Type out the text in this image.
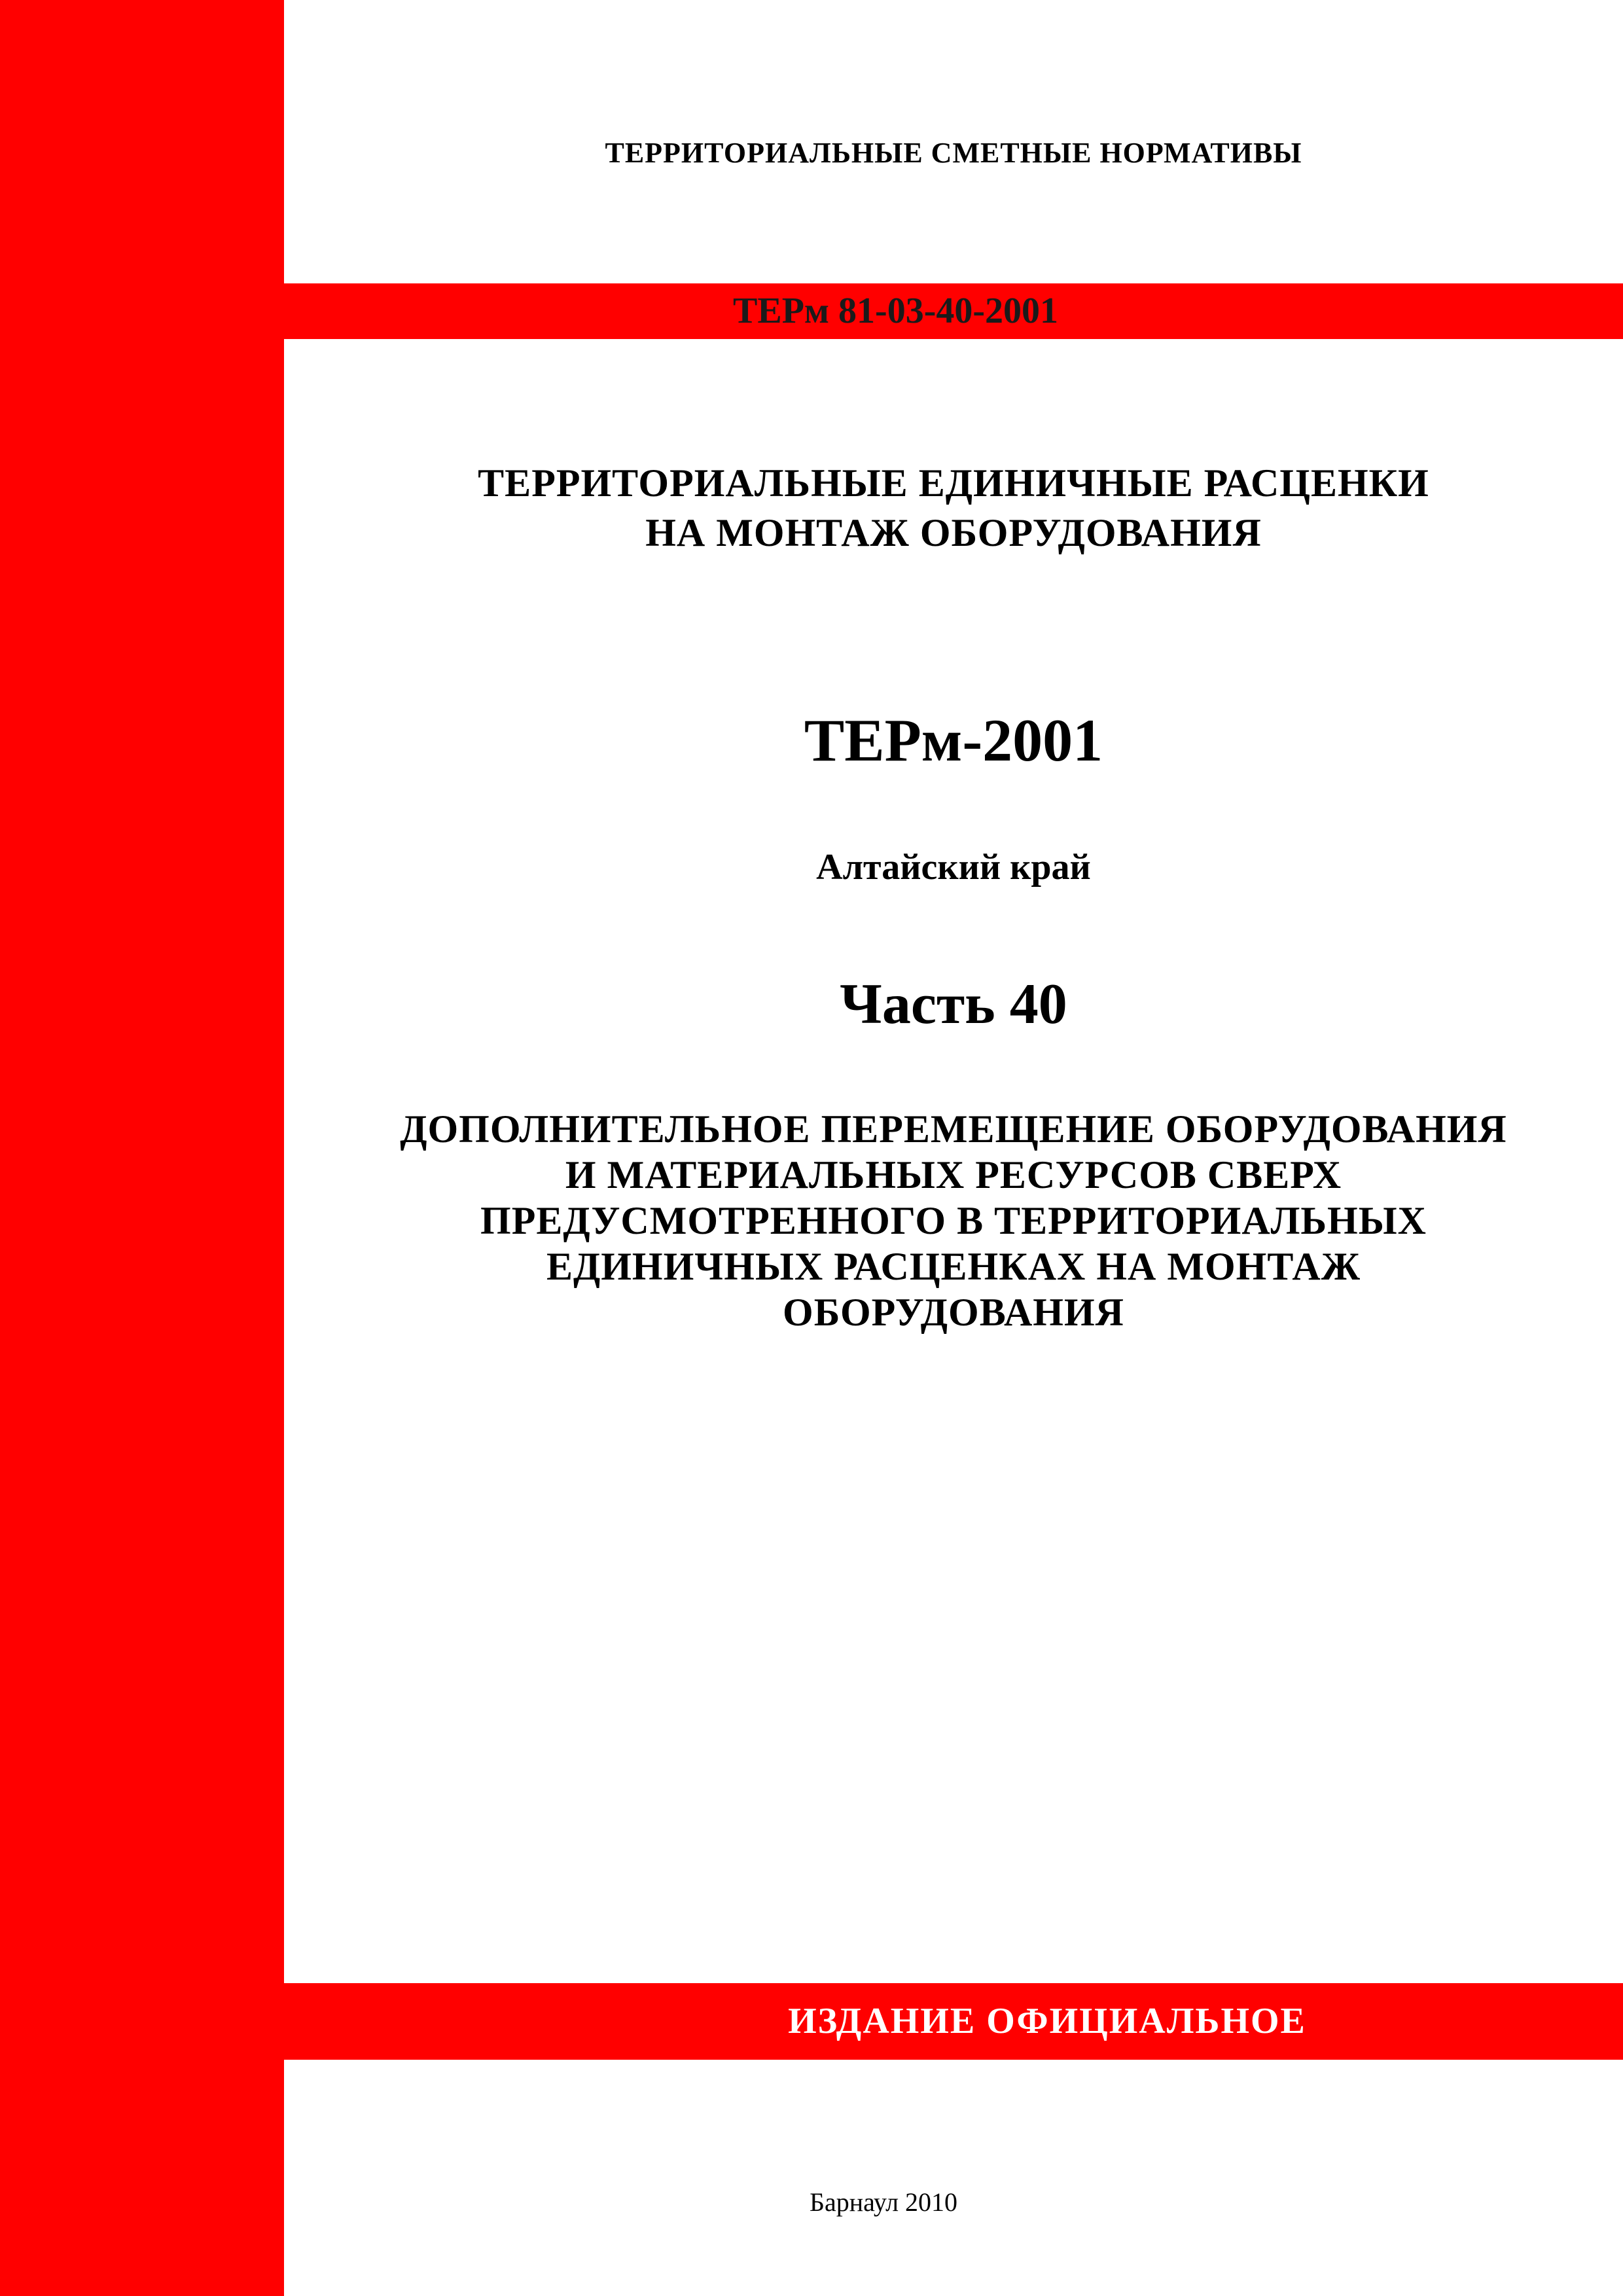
ТЕРРИТОРИАЛЬНЫЕ СМЕТНЫЕ НОРМАТИВЫ
ТЕРм 81-03-40-2001
ТЕРРИТОРИАЛЬНЫЕ ЕДИНИЧНЫЕ РАСЦЕНКИ
НА МОНТАЖ ОБОРУДОВАНИЯ
ТЕРм-2001
Алтайский край
Часть 40
ДОПОЛНИТЕЛЬНОЕ ПЕРЕМЕЩЕНИЕ ОБОРУДОВАНИЯ
И МАТЕРИАЛЬНЫХ РЕСУРСОВ СВЕРХ
ПРЕДУСМОТРЕННОГО В ТЕРРИТОРИАЛЬНЫХ
ЕДИНИЧНЫХ РАСЦЕНКАХ НА МОНТАЖ
ОБОРУДОВАНИЯ
ИЗДАНИЕ ОФИЦИАЛЬНОЕ
Барнаул 2010
